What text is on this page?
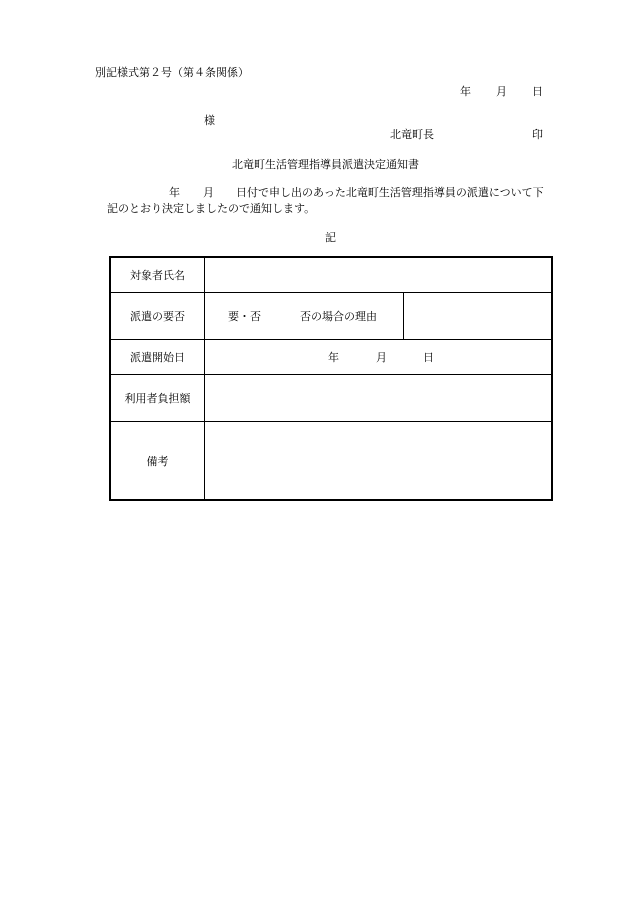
別記様式第２号（第４条関係）
年 月 日
様
北竜町長	印
北竜町生活管理指導員派遣決定通知書
年 月 日付で申し出のあった北竜町生活管理指導員の派遣について下
記のとおり決定しましたので通知します。
記
対象者氏名
派遣の要否	要・否	否の場合の理由
派遣開始日	年	月	日
利用者負担額
備考
